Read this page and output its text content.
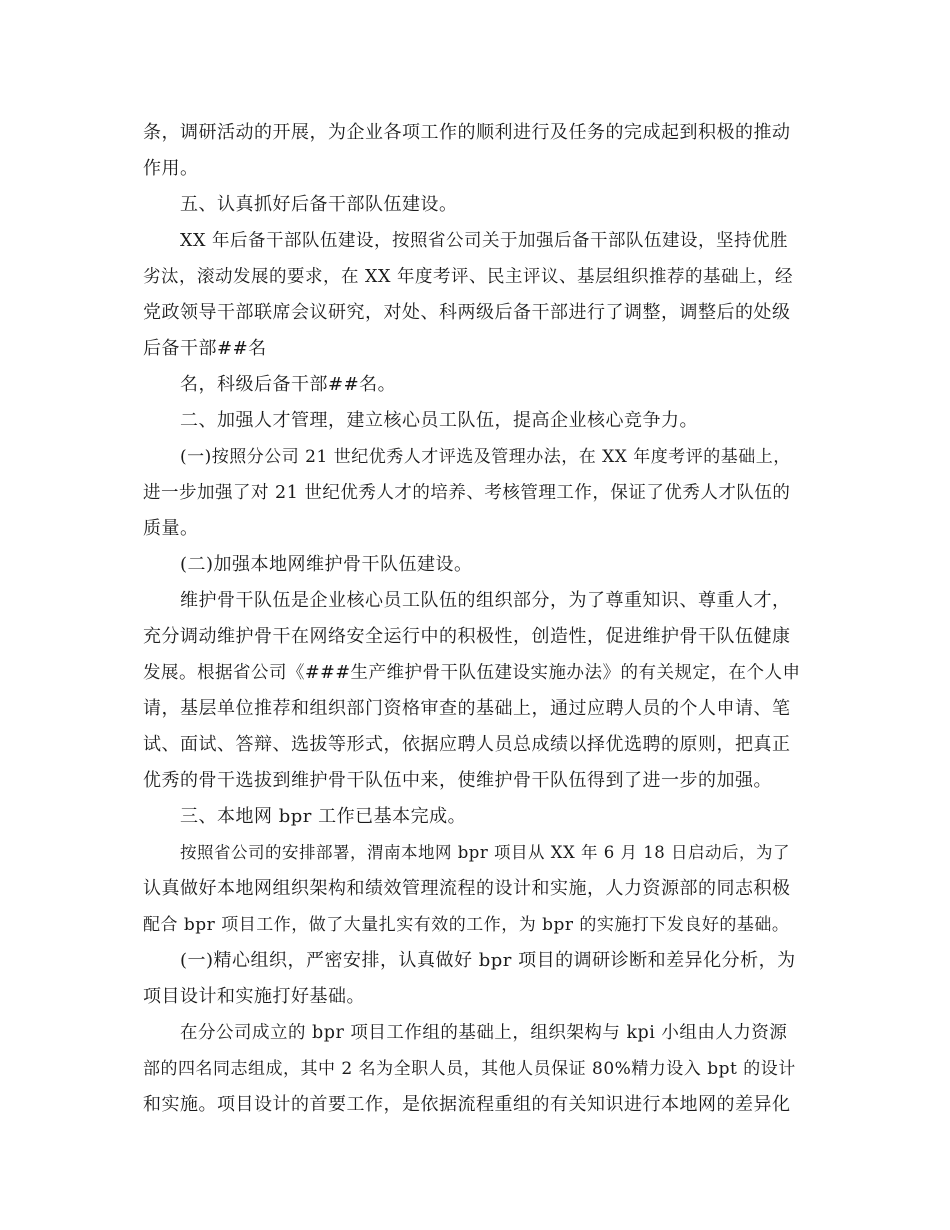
条，调研活动的开展，为企业各项工作的顺利进行及任务的完成起到积极的推动
作用。
五、认真抓好后备干部队伍建设。
XX 年后备干部队伍建设，按照省公司关于加强后备干部队伍建设，坚持优胜
劣汰，滚动发展的要求，在 XX 年度考评、民主评议、基层组织推荐的基础上，经
党政领导干部联席会议研究，对处、科两级后备干部进行了调整，调整后的处级
后备干部##名
名，科级后备干部##名。
二、加强人才管理，建立核心员工队伍，提高企业核心竞争力。
(一)按照分公司 21 世纪优秀人才评选及管理办法，在 XX 年度考评的基础上，
进一步加强了对 21 世纪优秀人才的培养、考核管理工作，保证了优秀人才队伍的
质量。
(二)加强本地网维护骨干队伍建设。
维护骨干队伍是企业核心员工队伍的组织部分，为了尊重知识、尊重人才，
充分调动维护骨干在网络安全运行中的积极性，创造性，促进维护骨干队伍健康
发展。根据省公司《###生产维护骨干队伍建设实施办法》的有关规定，在个人申
请，基层单位推荐和组织部门资格审查的基础上，通过应聘人员的个人申请、笔
试、面试、答辩、选拔等形式，依据应聘人员总成绩以择优选聘的原则，把真正
优秀的骨干选拔到维护骨干队伍中来，使维护骨干队伍得到了进一步的加强。
三、本地网 bpr 工作已基本完成。
按照省公司的安排部署，渭南本地网 bpr 项目从 XX 年 6 月 18 日启动后，为了
认真做好本地网组织架构和绩效管理流程的设计和实施，人力资源部的同志积极
配合 bpr 项目工作，做了大量扎实有效的工作，为 bpr 的实施打下发良好的基础。
(一)精心组织，严密安排，认真做好 bpr 项目的调研诊断和差异化分析，为
项目设计和实施打好基础。
在分公司成立的 bpr 项目工作组的基础上，组织架构与 kpi 小组由人力资源
部的四名同志组成，其中 2 名为全职人员，其他人员保证 80%精力设入 bpt 的设计
和实施。项目设计的首要工作，是依据流程重组的有关知识进行本地网的差异化
